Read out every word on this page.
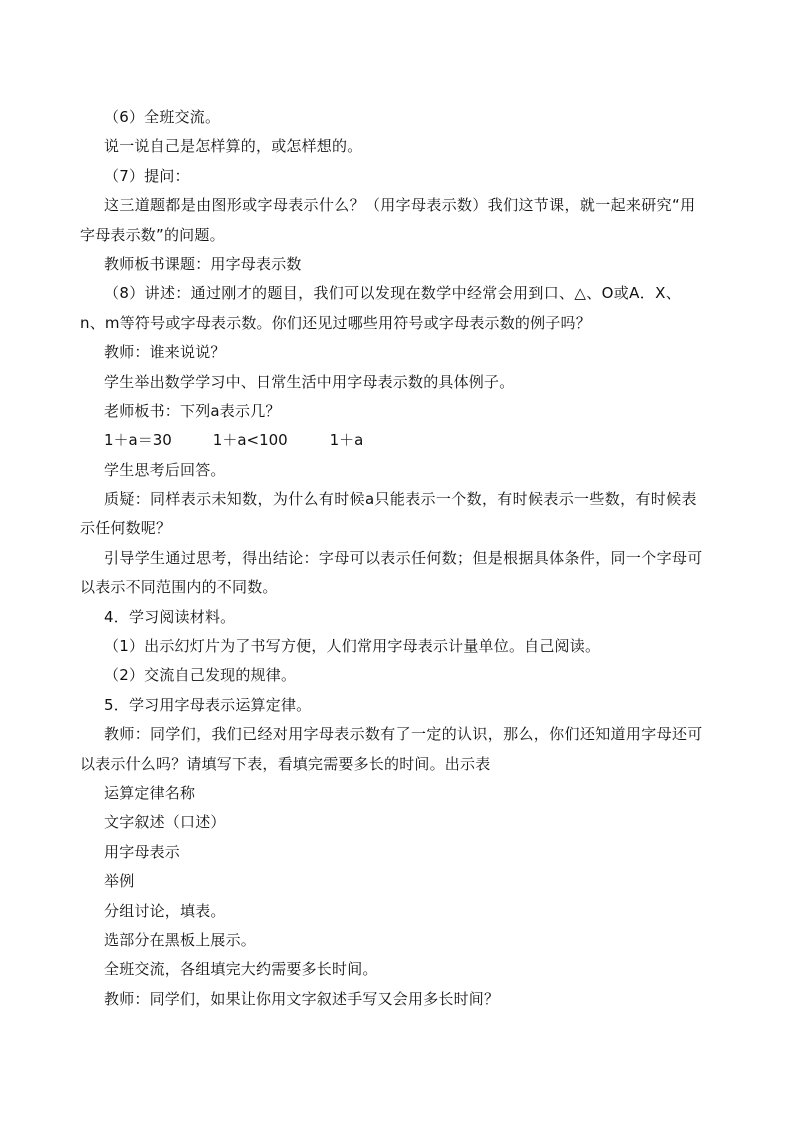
（6）全班交流。
说一说自己是怎样算的，或怎样想的。
（7）提问：
这三道题都是由图形或字母表示什么？（用字母表示数）我们这节课，就一起来研究“用
字母表示数”的问题。
教师板书课题：用字母表示数
（8）讲述：通过刚才的题目，我们可以发现在数学中经常会用到口、△、O或A．X、
n、m等符号或字母表示数。你们还见过哪些用符号或字母表示数的例子吗？
教师：谁来说说？
学生举出数学学习中、日常生活中用字母表示数的具体例子。
老师板书：下列a表示几？
1＋a＝30	1＋a<100	1＋a
学生思考后回答。
质疑：同样表示未知数，为什么有时候a只能表示一个数，有时候表示一些数，有时候表
示任何数呢？
引导学生通过思考，得出结论：字母可以表示任何数；但是根据具体条件，同一个字母可
以表示不同范围内的不同数。
4．学习阅读材料。
（1）出示幻灯片为了书写方便，人们常用字母表示计量单位。自己阅读。
（2）交流自己发现的规律。
5．学习用字母表示运算定律。
教师：同学们，我们已经对用字母表示数有了一定的认识，那么，你们还知道用字母还可
以表示什么吗？请填写下表，看填完需要多长的时间。出示表
运算定律名称
文字叙述（口述）
用字母表示
举例
分组讨论，填表。
选部分在黑板上展示。
全班交流，各组填完大约需要多长时间。
教师：同学们，如果让你用文字叙述手写又会用多长时间？
